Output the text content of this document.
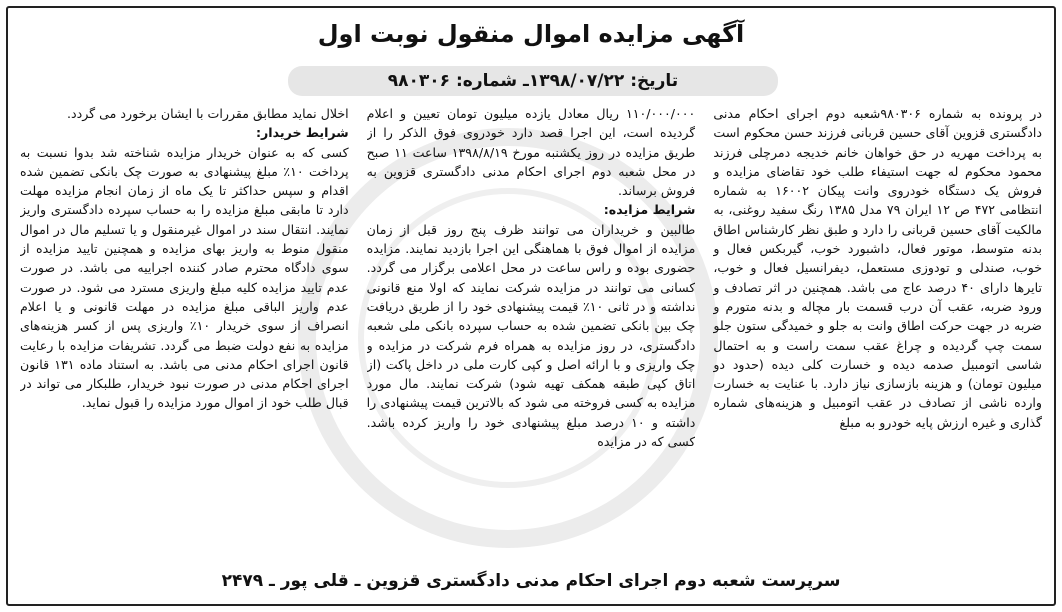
آگهی مزایده اموال منقول نوبت اول
تاریخ: ۱۳۹۸/۰۷/۲۲ـ شماره: ۹۸۰۳۰۶

در پرونده به شماره ۹۸۰۳۰۶شعبه دوم اجرای احکام مدنی دادگستری قزوین آقای حسین قربانی فرزند حسن محکوم است به پرداخت مهریه در حق خواهان خانم خدیجه دمرچلی فرزند محمود محکوم له جهت استیفاء طلب خود تقاضای مزایده و فروش یک دستگاه خودروی وانت پیکان ۱۶۰۰۲ به شماره انتظامی ۴۷۲ ص ۱۲ ایران ۷۹ مدل ۱۳۸۵ رنگ سفید روغنی، به مالکیت آقای حسین قربانی را دارد و طبق نظر کارشناس اطاق بدنه متوسط، موتور فعال، داشبورد خوب، گیربکس فعال و خوب، صندلی و تودوزی مستعمل، دیفرانسیل فعال و خوب، تایرها دارای ۴۰ درصد عاج می باشد. همچنین در اثر تصادف و ورود ضربه، عقب آن درب قسمت بار مچاله و بدنه متورم و ضربه در جهت حرکت اطاق وانت به جلو و خمیدگی ستون جلو سمت چپ گردیده و چراغ عقب سمت راست و به احتمال شاسی اتومبیل صدمه دیده و خسارت کلی دیده (حدود دو میلیون تومان) و هزینه بازسازی نیاز دارد. با عنایت به خسارت وارده ناشی از تصادف در عقب اتومبیل و هزینه‌های شماره گذاری و غیره ارزش پایه خودرو به مبلغ

۱۱۰/۰۰۰/۰۰۰ ریال معادل یازده میلیون تومان تعیین و اعلام گردیده است، این اجرا قصد دارد خودروی فوق الذکر را از طریق مزایده در روز یکشنبه مورخ ۱۳۹۸/۸/۱۹ ساعت ۱۱ صبح در محل شعبه دوم اجرای احکام مدنی دادگستری قزوین به فروش برساند.

شرایط مزایده:

طالبین و خریداران می توانند ظرف پنج روز قبل از زمان مزایده از اموال فوق با هماهنگی این اجرا بازدید نمایند. مزایده حضوری بوده و راس ساعت در محل اعلامی برگزار می گردد. کسانی می توانند در مزایده شرکت نمایند که اولا منع قانونی نداشته و در ثانی ۱۰٪ قیمت پیشنهادی خود را از طریق دریافت چک بین بانکی تضمین شده به حساب سپرده بانکی ملی شعبه دادگستری، در روز مزایده به همراه فرم شرکت در مزایده و چک واریزی و با ارائه اصل و کپی کارت ملی در داخل پاکت (از اتاق کپی طبقه همکف تهیه شود) شرکت نمایند. مال مورد مزایده به کسی فروخته می شود که بالاترین قیمت پیشنهادی را داشته و ۱۰ درصد مبلغ پیشنهادی خود را واریز کرده باشد. کسی که در مزایده

اخلال نماید مطابق مقررات با ایشان برخورد می گردد.

شرایط خریدار:

کسی که به عنوان خریدار مزایده شناخته شد بدوا نسبت به پرداخت ۱۰٪ مبلغ پیشنهادی به صورت چک بانکی تضمین شده اقدام و سپس حداکثر تا یک ماه از زمان انجام مزایده مهلت دارد تا مابقی مبلغ مزایده را به حساب سپرده دادگستری واریز نمایند. انتقال سند در اموال غیرمنقول و یا تسلیم مال در اموال منقول منوط به واریز بهای مزایده و همچنین تایید مزایده از سوی دادگاه محترم صادر کننده اجراییه می باشد. در صورت عدم تایید مزایده کلیه مبلغ واریزی مسترد می شود. در صورت عدم واریز الباقی مبلغ مزایده در مهلت قانونی و یا اعلام انصراف از سوی خریدار ۱۰٪ واریزی پس از کسر هزینه‌های مزایده به نفع دولت ضبط می گردد. تشریفات مزایده با رعایت قانون اجرای احکام مدنی می باشد. به استناد ماده ۱۳۱ قانون اجرای احکام مدنی در صورت نبود خریدار، طلبکار می تواند در قبال طلب خود از اموال مورد مزایده را قبول نماید.

سرپرست شعبه دوم اجرای احکام مدنی دادگستری قزوین ـ قلی پور ـ ۲۴۷۹
